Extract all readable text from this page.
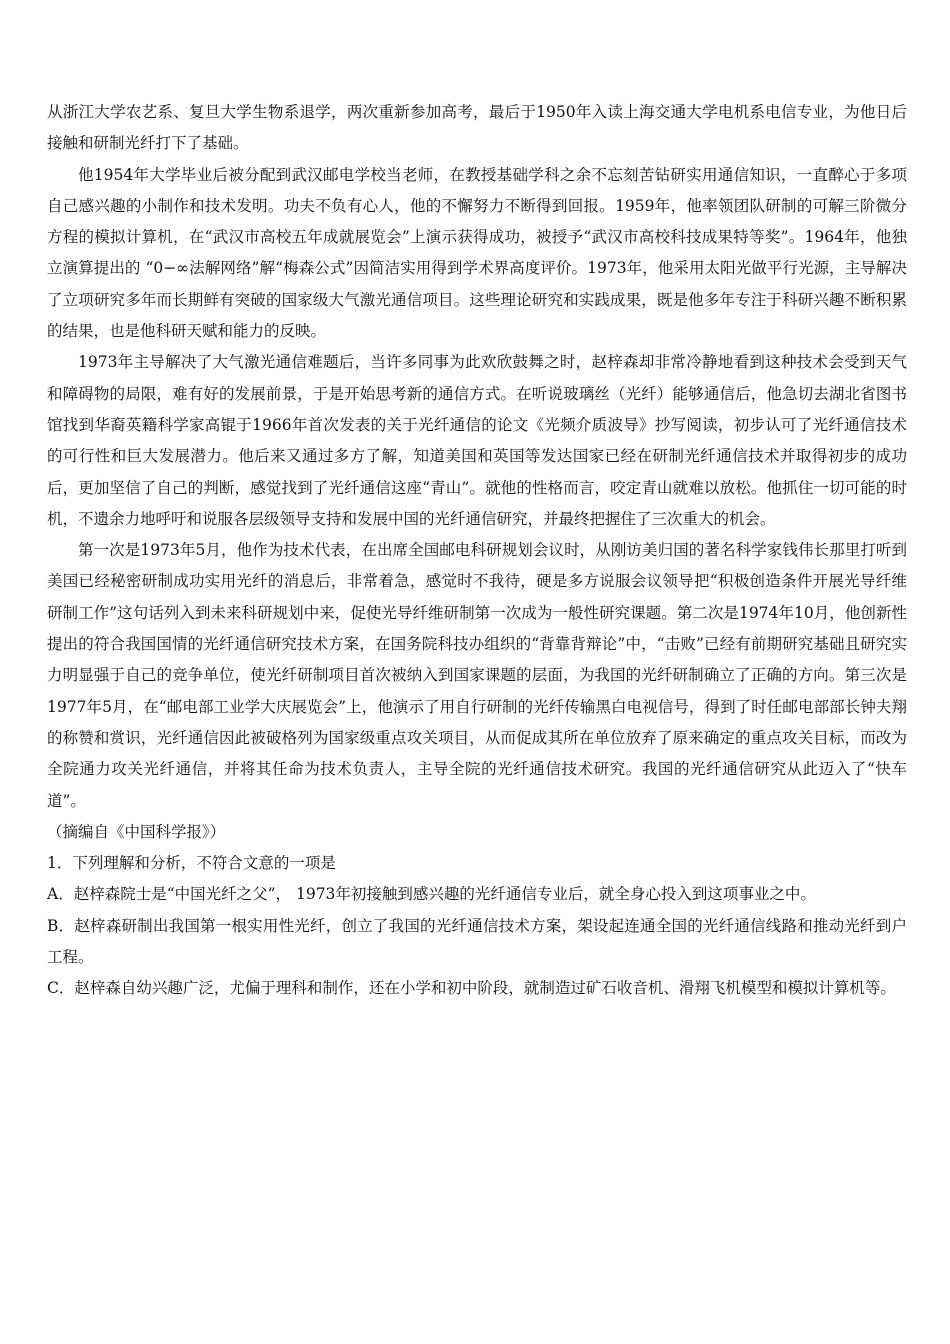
从浙江大学农艺系、复旦大学生物系退学，两次重新参加高考，最后于1950年入读上海交通大学电机系电信专业，为他日后接触和研制光纤打下了基础。

他1954年大学毕业后被分配到武汉邮电学校当老师，在教授基础学科之余不忘刻苦钻研实用通信知识，一直醉心于多项自己感兴趣的小制作和技术发明。功夫不负有心人，他的不懈努力不断得到回报。1959年，他率领团队研制的可解三阶微分方程的模拟计算机，在“武汉市高校五年成就展览会”上演示获得成功，被授予“武汉市高校科技成果特等奖”。1964年，他独立演算提出的 “0−∞法解网络”解“梅森公式”因简洁实用得到学术界高度评价。1973年，他采用太阳光做平行光源，主导解决了立项研究多年而长期鲜有突破的国家级大气激光通信项目。这些理论研究和实践成果，既是他多年专注于科研兴趣不断积累的结果，也是他科研天赋和能力的反映。

1973年主导解决了大气激光通信难题后，当许多同事为此欢欣鼓舞之时，赵梓森却非常冷静地看到这种技术会受到天气和障碍物的局限，难有好的发展前景，于是开始思考新的通信方式。在听说玻璃丝（光纤）能够通信后，他急切去湖北省图书馆找到华裔英籍科学家高锟于1966年首次发表的关于光纤通信的论文《光频介质波导》抄写阅读，初步认可了光纤通信技术的可行性和巨大发展潜力。他后来又通过多方了解，知道美国和英国等发达国家已经在研制光纤通信技术并取得初步的成功后，更加坚信了自己的判断，感觉找到了光纤通信这座“青山”。就他的性格而言，咬定青山就难以放松。他抓住一切可能的时机，不遗余力地呼吁和说服各层级领导支持和发展中国的光纤通信研究，并最终把握住了三次重大的机会。

第一次是1973年5月，他作为技术代表，在出席全国邮电科研规划会议时，从刚访美归国的著名科学家钱伟长那里打听到美国已经秘密研制成功实用光纤的消息后，非常着急，感觉时不我待，硬是多方说服会议领导把“积极创造条件开展光导纤维研制工作”这句话列入到未来科研规划中来，促使光导纤维研制第一次成为一般性研究课题。第二次是1974年10月，他创新性提出的符合我国国情的光纤通信研究技术方案，在国务院科技办组织的“背靠背辩论”中，“击败”已经有前期研究基础且研究实力明显强于自己的竞争单位，使光纤研制项目首次被纳入到国家课题的层面，为我国的光纤研制确立了正确的方向。第三次是1977年5月，在“邮电部工业学大庆展览会”上，他演示了用自行研制的光纤传输黑白电视信号，得到了时任邮电部部长钟夫翔的称赞和赏识，光纤通信因此被破格列为国家级重点攻关项目，从而促成其所在单位放弃了原来确定的重点攻关目标，而改为全院通力攻关光纤通信，并将其任命为技术负责人，主导全院的光纤通信技术研究。我国的光纤通信研究从此迈入了“快车道”。

（摘编自《中国科学报》）

1．下列理解和分析，不符合文意的一项是

A．赵梓森院士是“中国光纤之父”， 1973年初接触到感兴趣的光纤通信专业后，就全身心投入到这项事业之中。

B．赵梓森研制出我国第一根实用性光纤，创立了我国的光纤通信技术方案，架设起连通全国的光纤通信线路和推动光纤到户工程。

C．赵梓森自幼兴趣广泛，尤偏于理科和制作，还在小学和初中阶段，就制造过矿石收音机、滑翔飞机模型和模拟计算机等。
